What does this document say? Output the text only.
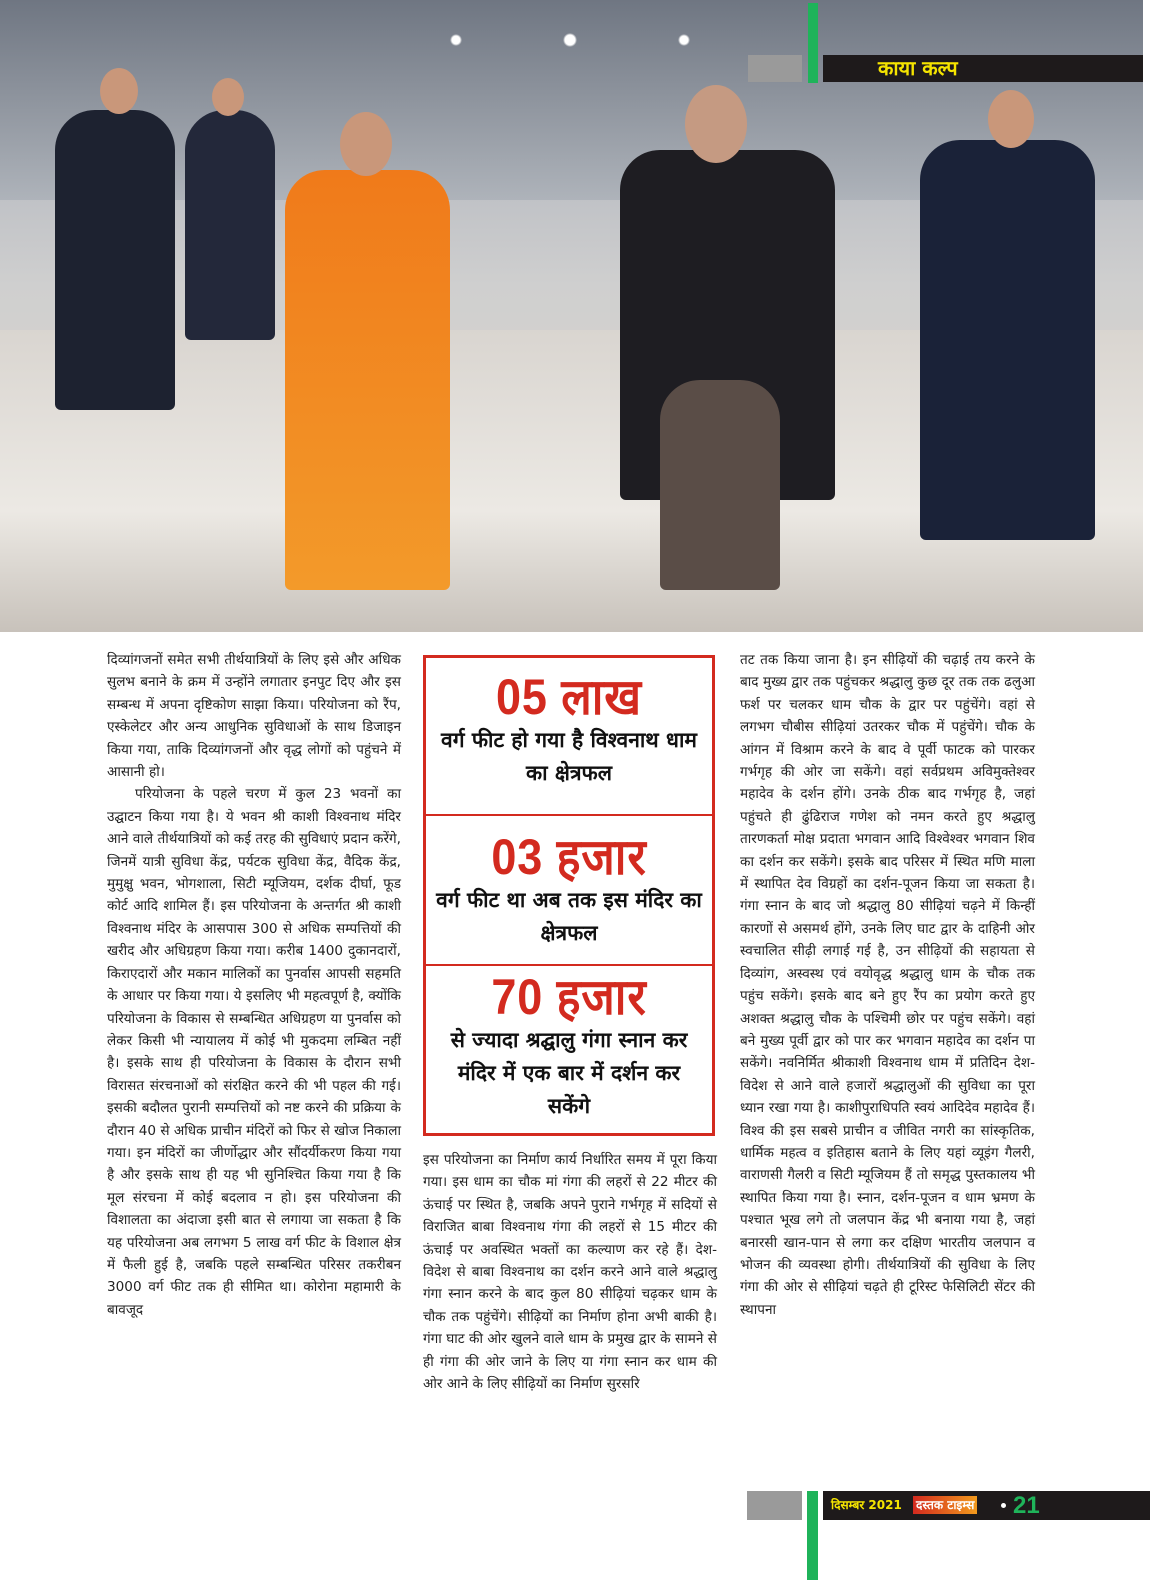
काया कल्प

दिव्यांगजनों समेत सभी तीर्थयात्रियों के लिए इसे और अधिक सुलभ बनाने के क्रम में उन्होंने लगातार इनपुट दिए और इस सम्बन्ध में अपना दृष्टिकोण साझा किया। परियोजना को रैंप, एस्केलेटर और अन्य आधुनिक सुविधाओं के साथ डिजाइन किया गया, ताकि दिव्यांगजनों और वृद्ध लोगों को पहुंचने में आसानी हो।

परियोजना के पहले चरण में कुल 23 भवनों का उद्घाटन किया गया है। ये भवन श्री काशी विश्वनाथ मंदिर आने वाले तीर्थयात्रियों को कई तरह की सुविधाएं प्रदान करेंगे, जिनमें यात्री सुविधा केंद्र, पर्यटक सुविधा केंद्र, वैदिक केंद्र, मुमुक्षु भवन, भोगशाला, सिटी म्यूजियम, दर्शक दीर्घा, फूड कोर्ट आदि शामिल हैं। इस परियोजना के अन्तर्गत श्री काशी विश्वनाथ मंदिर के आसपास 300 से अधिक सम्पत्तियों की खरीद और अधिग्रहण किया गया। करीब 1400 दुकानदारों, किराएदारों और मकान मालिकों का पुनर्वास आपसी सहमति के आधार पर किया गया। ये इसलिए भी महत्वपूर्ण है, क्योंकि परियोजना के विकास से सम्बन्धित अधिग्रहण या पुनर्वास को लेकर किसी भी न्यायालय में कोई भी मुकदमा लम्बित नहीं है। इसके साथ ही परियोजना के विकास के दौरान सभी विरासत संरचनाओं को संरक्षित करने की भी पहल की गई। इसकी बदौलत पुरानी सम्पत्तियों को नष्ट करने की प्रक्रिया के दौरान 40 से अधिक प्राचीन मंदिरों को फिर से खोज निकाला गया। इन मंदिरों का जीर्णोद्धार और सौंदर्यीकरण किया गया है और इसके साथ ही यह भी सुनिश्चित किया गया है कि मूल संरचना में कोई बदलाव न हो। इस परियोजना की विशालता का अंदाजा इसी बात से लगाया जा सकता है कि यह परियोजना अब लगभग 5 लाख वर्ग फीट के विशाल क्षेत्र में फैली हुई है, जबकि पहले सम्बन्धित परिसर तकरीबन 3000 वर्ग फीट तक ही सीमित था। कोरोना महामारी के बावजूद

05 लाख
वर्ग फीट हो गया है विश्वनाथ धाम का क्षेत्रफल
03 हजार
वर्ग फीट था अब तक इस मंदिर का क्षेत्रफल
70 हजार
से ज्यादा श्रद्घालु गंगा स्नान कर मंदिर में एक बार में दर्शन कर सकेंगे

इस परियोजना का निर्माण कार्य निर्धारित समय में पूरा किया गया। इस धाम का चौक मां गंगा की लहरों से 22 मीटर की ऊंचाई पर स्थित है, जबकि अपने पुराने गर्भगृह में सदियों से विराजित बाबा विश्वनाथ गंगा की लहरों से 15 मीटर की ऊंचाई पर अवस्थित भक्तों का कल्याण कर रहे हैं। देश-विदेश से बाबा विश्वनाथ का दर्शन करने आने वाले श्रद्धालु गंगा स्नान करने के बाद कुल 80 सीढ़ियां चढ़कर धाम के चौक तक पहुंचेंगे। सीढ़ियों का निर्माण होना अभी बाकी है। गंगा घाट की ओर खुलने वाले धाम के प्रमुख द्वार के सामने से ही गंगा की ओर जाने के लिए या गंगा स्नान कर धाम की ओर आने के लिए सीढ़ियों का निर्माण सुरसरि

तट तक किया जाना है। इन सीढ़ियों की चढ़ाई तय करने के बाद मुख्य द्वार तक पहुंचकर श्रद्धालु कुछ दूर तक तक ढलुआ फर्श पर चलकर धाम चौक के द्वार पर पहुंचेंगे। वहां से लगभग चौबीस सीढ़ियां उतरकर चौक में पहुंचेंगे। चौक के आंगन में विश्राम करने के बाद वे पूर्वी फाटक को पारकर गर्भगृह की ओर जा सकेंगे। वहां सर्वप्रथम अविमुक्तेश्वर महादेव के दर्शन होंगे। उनके ठीक बाद गर्भगृह है, जहां पहुंचते ही ढुंढिराज गणेश को नमन करते हुए श्रद्धालु तारणकर्ता मोक्ष प्रदाता भगवान आदि विश्वेश्वर भगवान शिव का दर्शन कर सकेंगे। इसके बाद परिसर में स्थित मणि माला में स्थापित देव विग्रहों का दर्शन-पूजन किया जा सकता है। गंगा स्नान के बाद जो श्रद्धालु 80 सीढ़ियां चढ़ने में किन्हीं कारणों से असमर्थ होंगे, उनके लिए घाट द्वार के दाहिनी ओर स्वचालित सीढ़ी लगाई गई है, उन सीढ़ियों की सहायता से दिव्यांग, अस्वस्थ एवं वयोवृद्ध श्रद्धालु धाम के चौक तक पहुंच सकेंगे। इसके बाद बने हुए रैंप का प्रयोग करते हुए अशक्त श्रद्धालु चौक के पश्चिमी छोर पर पहुंच सकेंगे। वहां बने मुख्य पूर्वी द्वार को पार कर भगवान महादेव का दर्शन पा सकेंगे। नवनिर्मित श्रीकाशी विश्वनाथ धाम में प्रतिदिन देश-विदेश से आने वाले हजारों श्रद्धालुओं की सुविधा का पूरा ध्यान रखा गया है। काशीपुराधिपति स्वयं आदिदेव महादेव हैं। विश्व की इस सबसे प्राचीन व जीवित नगरी का सांस्कृतिक, धार्मिक महत्व व इतिहास बताने के लिए यहां व्यूइंग गैलरी, वाराणसी गैलरी व सिटी म्यूजियम हैं तो समृद्ध पुस्तकालय भी स्थापित किया गया है। स्नान, दर्शन-पूजन व धाम भ्रमण के पश्चात भूख लगे तो जलपान केंद्र भी बनाया गया है, जहां बनारसी खान-पान से लगा कर दक्षिण भारतीय जलपान व भोजन की व्यवस्था होगी। तीर्थयात्रियों की सुविधा के लिए गंगा की ओर से सीढ़ियां चढ़ते ही टूरिस्ट फेसिलिटी सेंटर की स्थापना

दिसम्बर 2021 दस्तक टाइम्स 21
